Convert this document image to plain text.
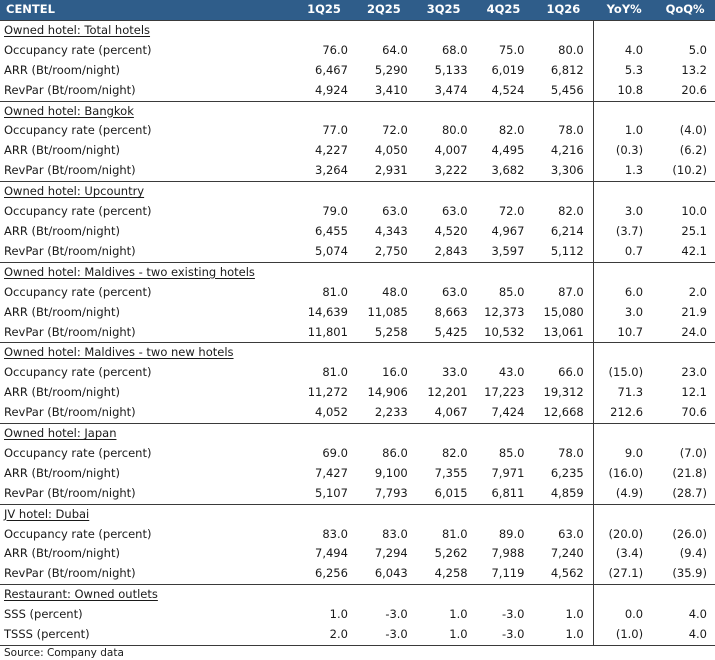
CENTEL	1Q25	2Q25	3Q25	4Q25	1Q26	YoY%	QoQ%
Owned hotel: Total hotels							
Occupancy rate (percent)	76.0	64.0	68.0	75.0	80.0	4.0	5.0
ARR (Bt/room/night)	6,467	5,290	5,133	6,019	6,812	5.3	13.2
RevPar (Bt/room/night)	4,924	3,410	3,474	4,524	5,456	10.8	20.6
Owned hotel: Bangkok							
Occupancy rate (percent)	77.0	72.0	80.0	82.0	78.0	1.0	(4.0)
ARR (Bt/room/night)	4,227	4,050	4,007	4,495	4,216	(0.3)	(6.2)
RevPar (Bt/room/night)	3,264	2,931	3,222	3,682	3,306	1.3	(10.2)
Owned hotel: Upcountry							
Occupancy rate (percent)	79.0	63.0	63.0	72.0	82.0	3.0	10.0
ARR (Bt/room/night)	6,455	4,343	4,520	4,967	6,214	(3.7)	25.1
RevPar (Bt/room/night)	5,074	2,750	2,843	3,597	5,112	0.7	42.1
Owned hotel: Maldives - two existing hotels							
Occupancy rate (percent)	81.0	48.0	63.0	85.0	87.0	6.0	2.0
ARR (Bt/room/night)	14,639	11,085	8,663	12,373	15,080	3.0	21.9
RevPar (Bt/room/night)	11,801	5,258	5,425	10,532	13,061	10.7	24.0
Owned hotel: Maldives - two new hotels							
Occupancy rate (percent)	81.0	16.0	33.0	43.0	66.0	(15.0)	23.0
ARR (Bt/room/night)	11,272	14,906	12,201	17,223	19,312	71.3	12.1
RevPar (Bt/room/night)	4,052	2,233	4,067	7,424	12,668	212.6	70.6
Owned hotel: Japan							
Occupancy rate (percent)	69.0	86.0	82.0	85.0	78.0	9.0	(7.0)
ARR (Bt/room/night)	7,427	9,100	7,355	7,971	6,235	(16.0)	(21.8)
RevPar (Bt/room/night)	5,107	7,793	6,015	6,811	4,859	(4.9)	(28.7)
JV hotel: Dubai							
Occupancy rate (percent)	83.0	83.0	81.0	89.0	63.0	(20.0)	(26.0)
ARR (Bt/room/night)	7,494	7,294	5,262	7,988	7,240	(3.4)	(9.4)
RevPar (Bt/room/night)	6,256	6,043	4,258	7,119	4,562	(27.1)	(35.9)
Restaurant: Owned outlets							
SSS (percent)	1.0	-3.0	1.0	-3.0	1.0	0.0	4.0
TSSS (percent)	2.0	-3.0	1.0	-3.0	1.0	(1.0)	4.0
Source: Company data
